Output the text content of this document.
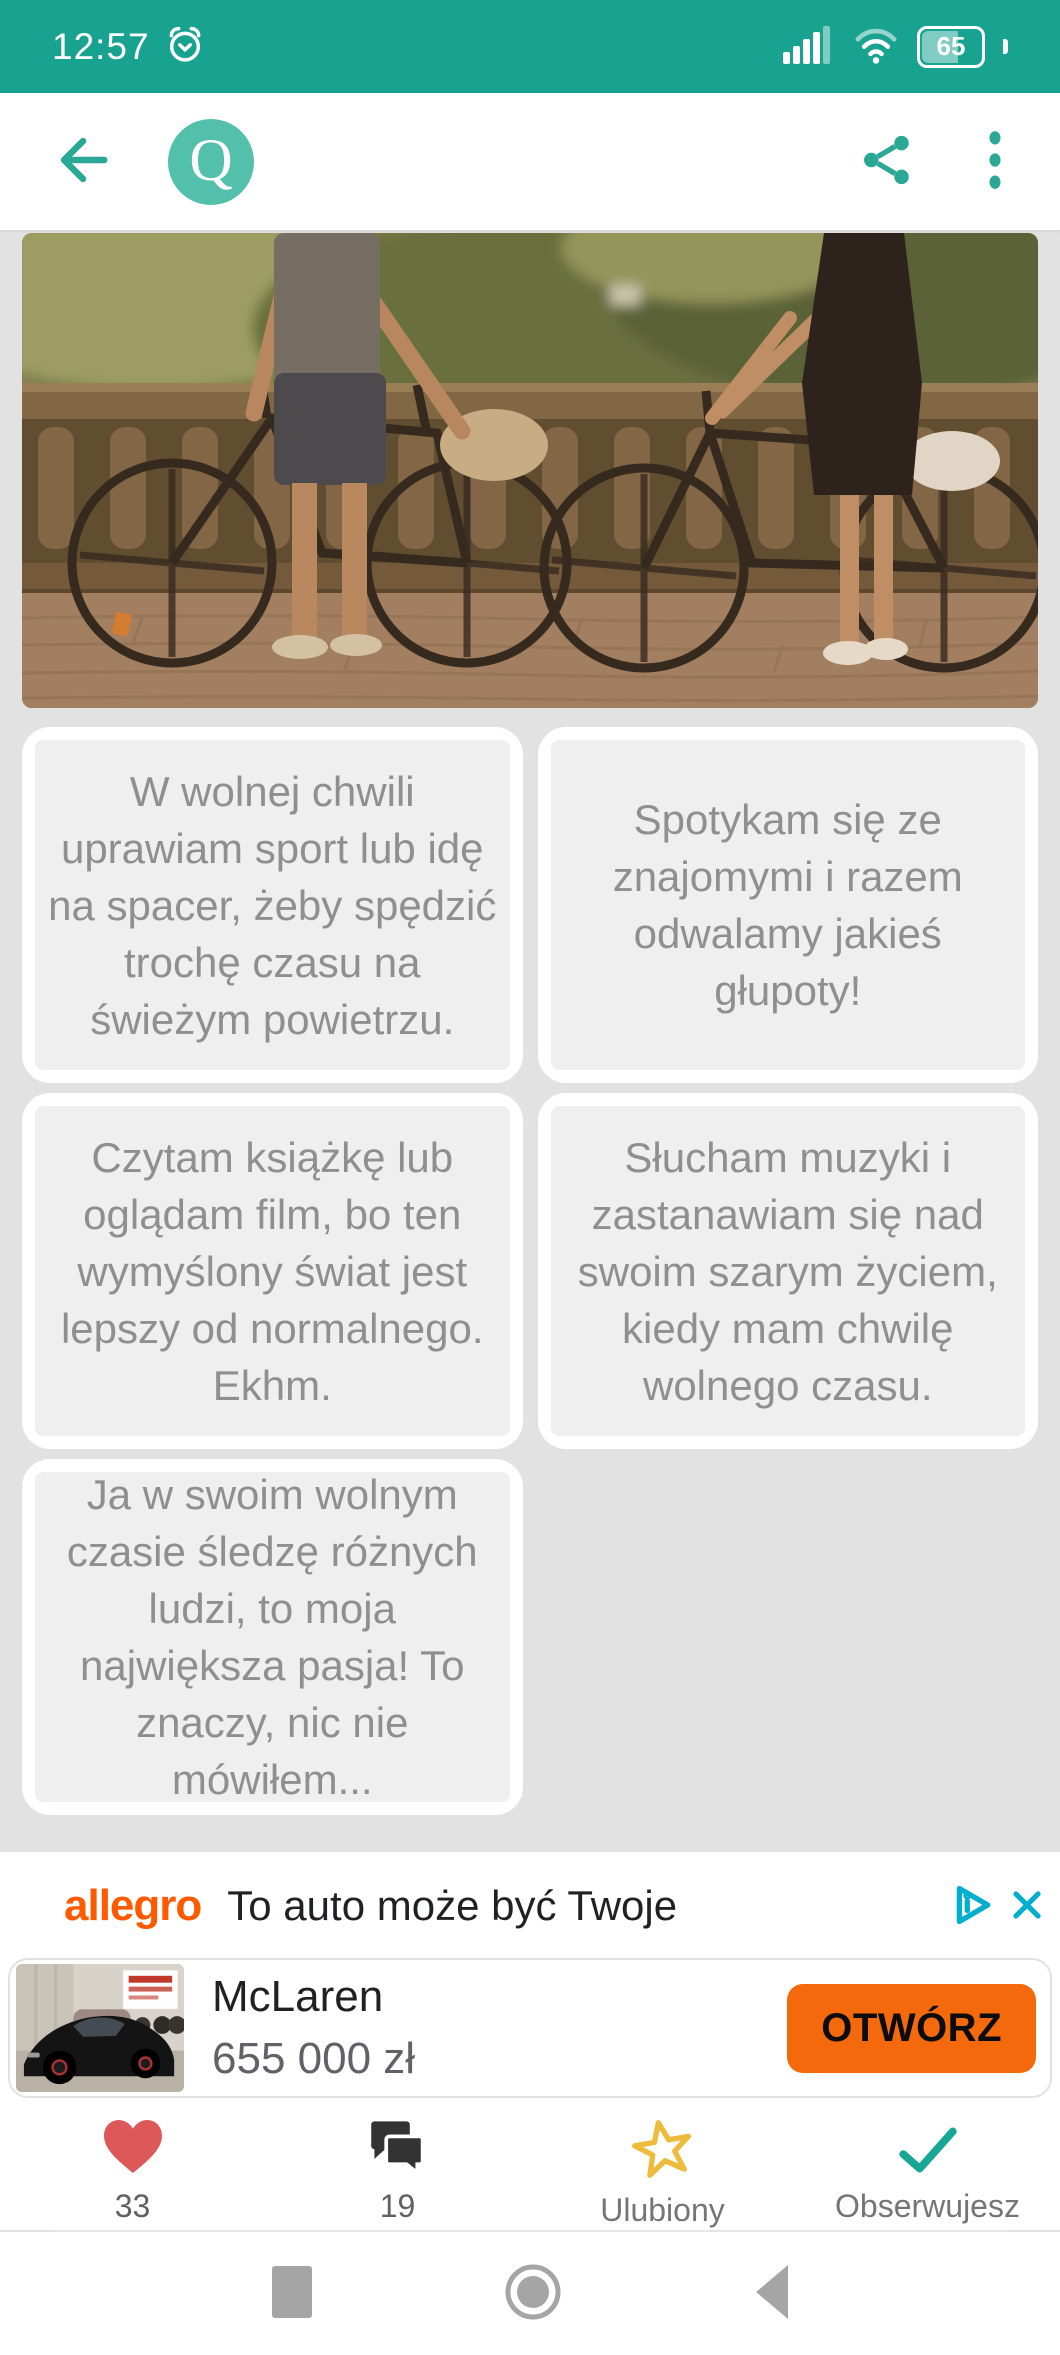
12:57	65
Q
W wolnej chwili uprawiam sport lub idę na spacer, żeby spędzić trochę czasu na świeżym powietrzu.
Spotykam się ze znajomymi i razem odwalamy jakieś głupoty!
Czytam książkę lub oglądam film, bo ten wymyślony świat jest lepszy od normalnego. Ekhm.
Słucham muzyki i zastanawiam się nad swoim szarym życiem, kiedy mam chwilę wolnego czasu.
Ja w swoim wolnym czasie śledzę różnych ludzi, to moja największa pasja! To znaczy, nic nie mówiłem...
allegro To auto może być Twoje
McLaren
655 000 zł
OTWÓRZ
33	19	Ulubiony	Obserwujesz
